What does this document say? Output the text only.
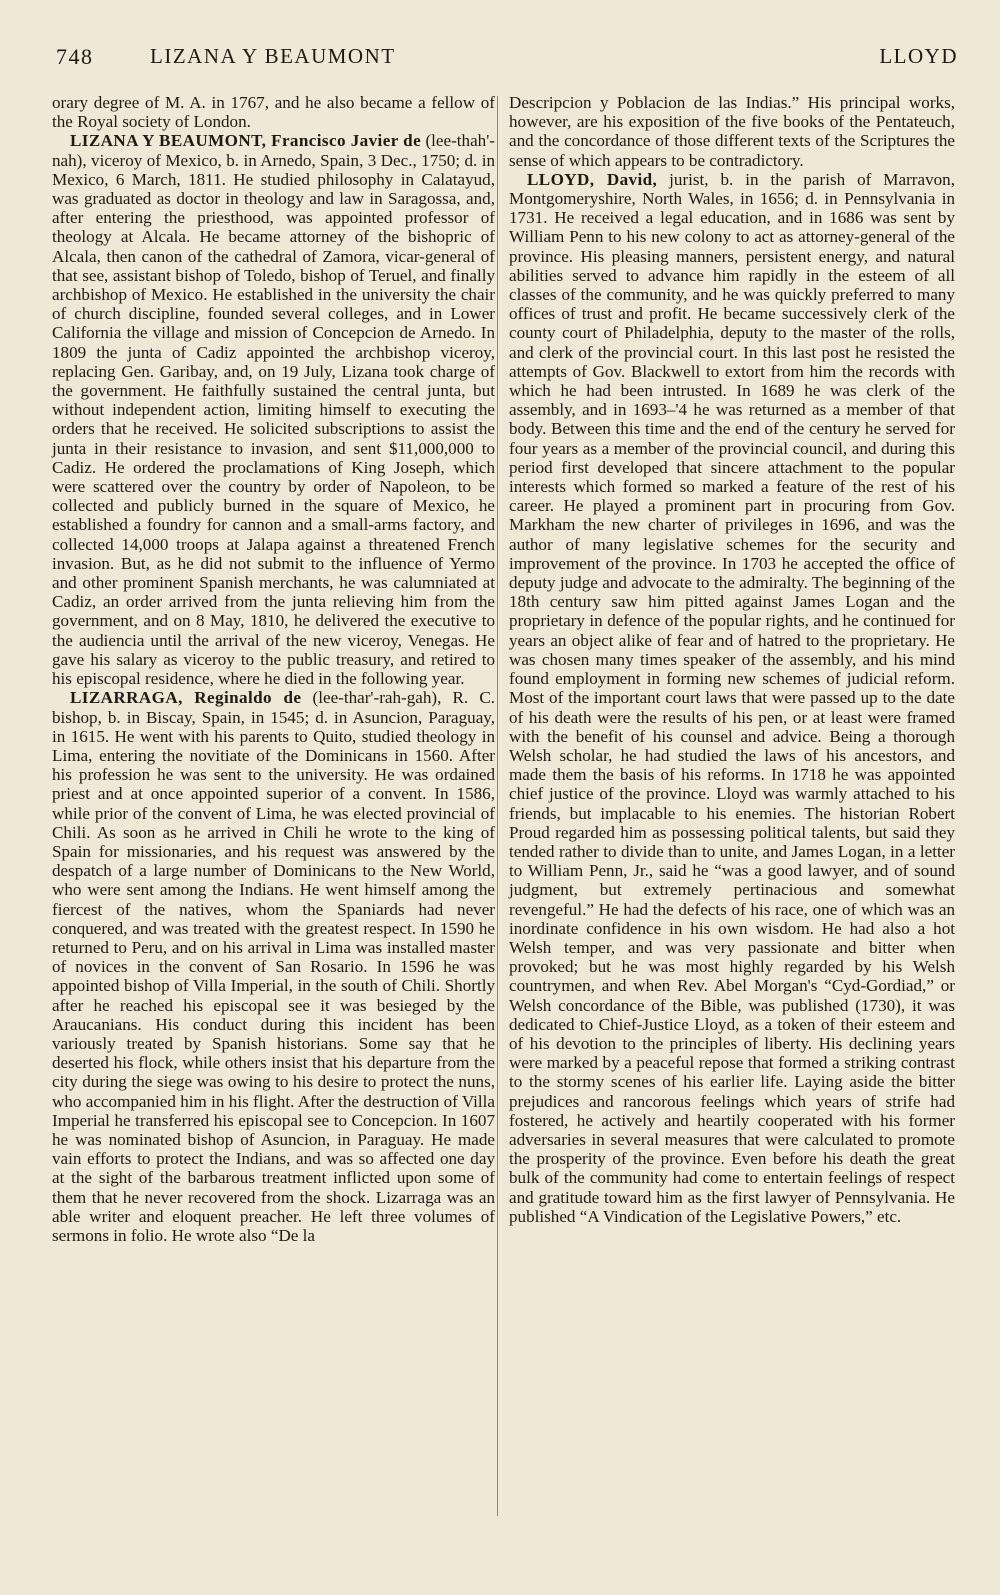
748	LIZANA Y BEAUMONT	LLOYD

orary degree of M. A. in 1767, and he also became a fellow of the Royal society of London.

LIZANA Y BEAUMONT, Francisco Javier de (lee-thah'-nah), viceroy of Mexico, b. in Arnedo, Spain, 3 Dec., 1750; d. in Mexico, 6 March, 1811. He studied philosophy in Calatayud, was graduated as doctor in theology and law in Saragossa, and, after entering the priesthood, was appointed professor of theology at Alcala. He became attorney of the bishopric of Alcala, then canon of the cathedral of Zamora, vicar-general of that see, assistant bishop of Toledo, bishop of Teruel, and finally archbishop of Mexico. He established in the university the chair of church discipline, founded several colleges, and in Lower California the village and mission of Concepcion de Arnedo. In 1809 the junta of Cadiz appointed the archbishop viceroy, replacing Gen. Garibay, and, on 19 July, Lizana took charge of the government. He faithfully sustained the central junta, but without independent action, limiting himself to executing the orders that he received. He solicited subscriptions to assist the junta in their resistance to invasion, and sent $11,000,000 to Cadiz. He ordered the proclamations of King Joseph, which were scattered over the country by order of Napoleon, to be collected and publicly burned in the square of Mexico, he established a foundry for cannon and a small-arms factory, and collected 14,000 troops at Jalapa against a threatened French invasion. But, as he did not submit to the influence of Yermo and other prominent Spanish merchants, he was calumniated at Cadiz, an order arrived from the junta relieving him from the government, and on 8 May, 1810, he delivered the executive to the audiencia until the arrival of the new viceroy, Venegas. He gave his salary as viceroy to the public treasury, and retired to his episcopal residence, where he died in the following year.

LIZARRAGA, Reginaldo de (lee-thar'-rah-gah), R. C. bishop, b. in Biscay, Spain, in 1545; d. in Asuncion, Paraguay, in 1615. He went with his parents to Quito, studied theology in Lima, entering the novitiate of the Dominicans in 1560. After his profession he was sent to the university. He was ordained priest and at once appointed superior of a convent. In 1586, while prior of the convent of Lima, he was elected provincial of Chili. As soon as he arrived in Chili he wrote to the king of Spain for missionaries, and his request was answered by the despatch of a large number of Dominicans to the New World, who were sent among the Indians. He went himself among the fiercest of the natives, whom the Spaniards had never conquered, and was treated with the greatest respect. In 1590 he returned to Peru, and on his arrival in Lima was installed master of novices in the convent of San Rosario. In 1596 he was appointed bishop of Villa Imperial, in the south of Chili. Shortly after he reached his episcopal see it was besieged by the Araucanians. His conduct during this incident has been variously treated by Spanish historians. Some say that he deserted his flock, while others insist that his departure from the city during the siege was owing to his desire to protect the nuns, who accompanied him in his flight. After the destruction of Villa Imperial he transferred his episcopal see to Concepcion. In 1607 he was nominated bishop of Asuncion, in Paraguay. He made vain efforts to protect the Indians, and was so affected one day at the sight of the barbarous treatment inflicted upon some of them that he never recovered from the shock. Lizarraga was an able writer and eloquent preacher. He left three volumes of sermons in folio. He wrote also “De la

Descripcion y Poblacion de las Indias.” His principal works, however, are his exposition of the five books of the Pentateuch, and the concordance of those different texts of the Scriptures the sense of which appears to be contradictory.

LLOYD, David, jurist, b. in the parish of Marravon, Montgomeryshire, North Wales, in 1656; d. in Pennsylvania in 1731. He received a legal education, and in 1686 was sent by William Penn to his new colony to act as attorney-general of the province. His pleasing manners, persistent energy, and natural abilities served to advance him rapidly in the esteem of all classes of the community, and he was quickly preferred to many offices of trust and profit. He became successively clerk of the county court of Philadelphia, deputy to the master of the rolls, and clerk of the provincial court. In this last post he resisted the attempts of Gov. Blackwell to extort from him the records with which he had been intrusted. In 1689 he was clerk of the assembly, and in 1693–'4 he was returned as a member of that body. Between this time and the end of the century he served for four years as a member of the provincial council, and during this period first developed that sincere attachment to the popular interests which formed so marked a feature of the rest of his career. He played a prominent part in procuring from Gov. Markham the new charter of privileges in 1696, and was the author of many legislative schemes for the security and improvement of the province. In 1703 he accepted the office of deputy judge and advocate to the admiralty. The beginning of the 18th century saw him pitted against James Logan and the proprietary in defence of the popular rights, and he continued for years an object alike of fear and of hatred to the proprietary. He was chosen many times speaker of the assembly, and his mind found employment in forming new schemes of judicial reform. Most of the important court laws that were passed up to the date of his death were the results of his pen, or at least were framed with the benefit of his counsel and advice. Being a thorough Welsh scholar, he had studied the laws of his ancestors, and made them the basis of his reforms. In 1718 he was appointed chief justice of the province. Lloyd was warmly attached to his friends, but implacable to his enemies. The historian Robert Proud regarded him as possessing political talents, but said they tended rather to divide than to unite, and James Logan, in a letter to William Penn, Jr., said he “was a good lawyer, and of sound judgment, but extremely pertinacious and somewhat revengeful.” He had the defects of his race, one of which was an inordinate confidence in his own wisdom. He had also a hot Welsh temper, and was very passionate and bitter when provoked; but he was most highly regarded by his Welsh countrymen, and when Rev. Abel Morgan's “Cyd-Gordiad,” or Welsh concordance of the Bible, was published (1730), it was dedicated to Chief-Justice Lloyd, as a token of their esteem and of his devotion to the principles of liberty. His declining years were marked by a peaceful repose that formed a striking contrast to the stormy scenes of his earlier life. Laying aside the bitter prejudices and rancorous feelings which years of strife had fostered, he actively and heartily cooperated with his former adversaries in several measures that were calculated to promote the prosperity of the province. Even before his death the great bulk of the community had come to entertain feelings of respect and gratitude toward him as the first lawyer of Pennsylvania. He published “A Vindication of the Legislative Powers,” etc.
